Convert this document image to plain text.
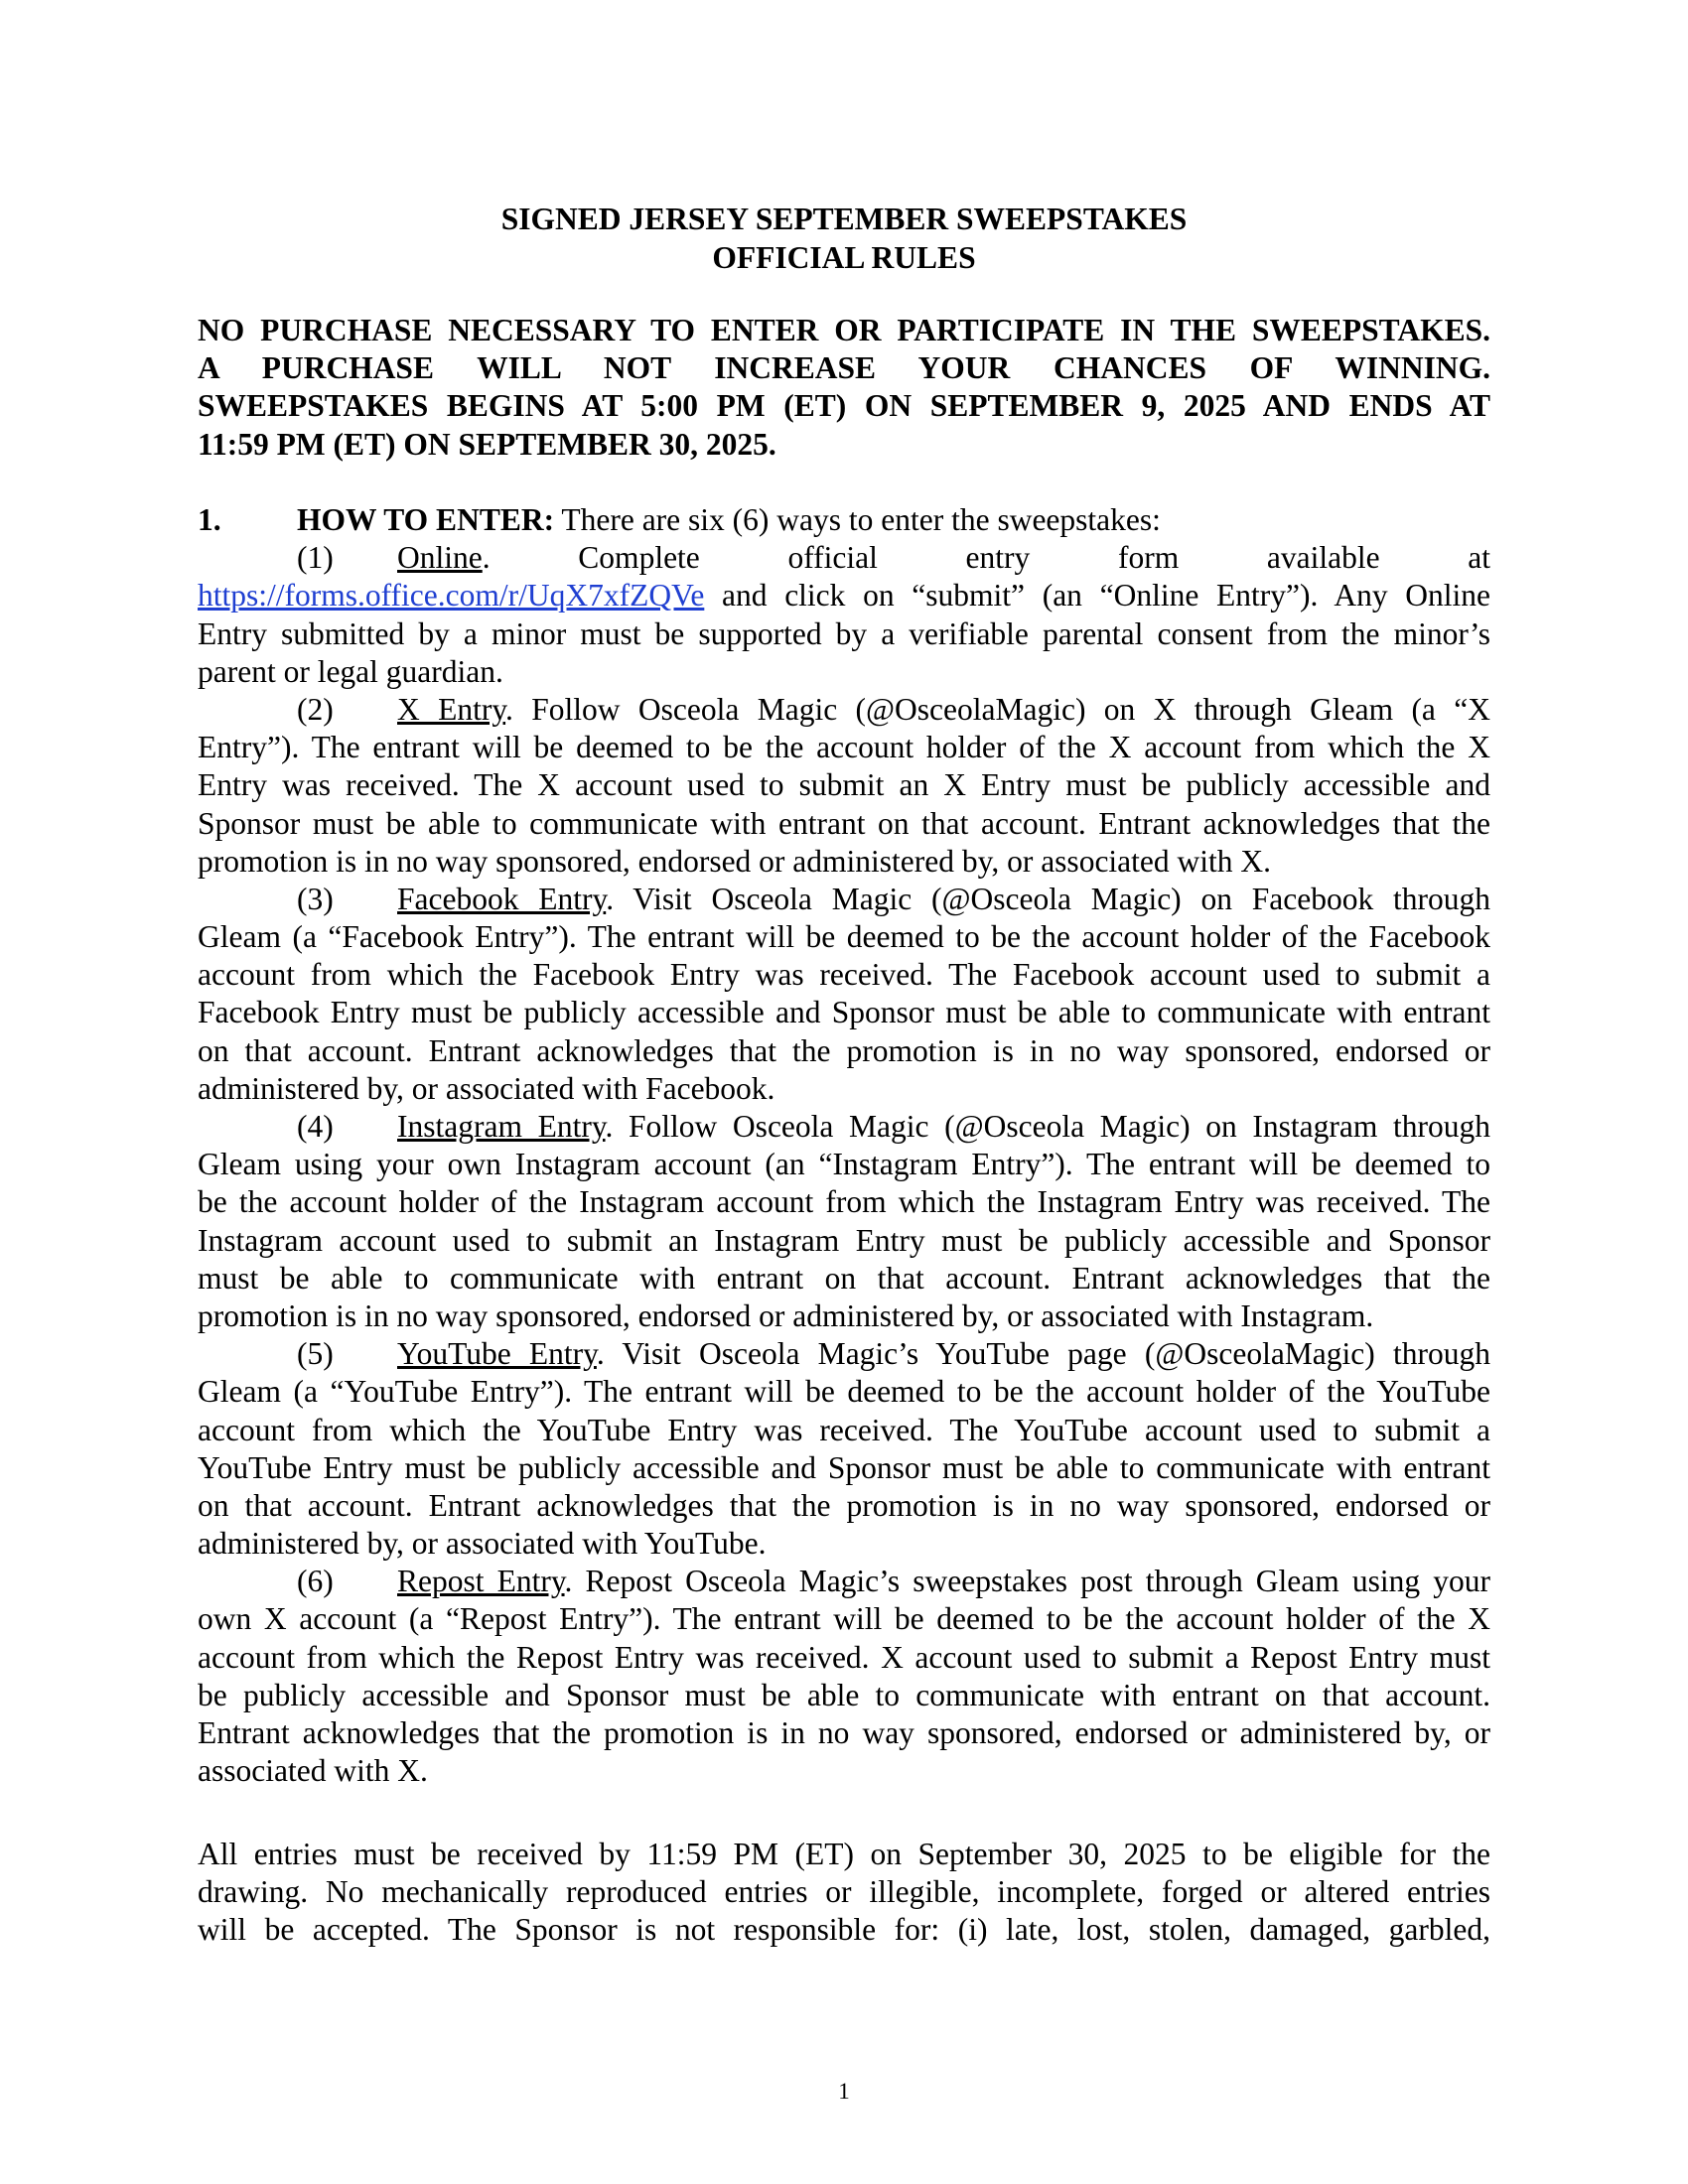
SIGNED JERSEY SEPTEMBER SWEEPSTAKES
OFFICIAL RULES
NO PURCHASE NECESSARY TO ENTER OR PARTICIPATE IN THE SWEEPSTAKES.
A PURCHASE WILL NOT INCREASE YOUR CHANCES OF WINNING.
SWEEPSTAKES BEGINS AT 5:00 PM (ET) ON SEPTEMBER 9, 2025 AND ENDS AT
11:59 PM (ET) ON SEPTEMBER 30, 2025.
1. HOW TO ENTER: There are six (6) ways to enter the sweepstakes:
(1) Online. Complete official entry form available at
https://forms.office.com/r/UqX7xfZQVe and click on “submit” (an “Online Entry”). Any Online
Entry submitted by a minor must be supported by a verifiable parental consent from the minor’s
parent or legal guardian.
(2) X Entry. Follow Osceola Magic (@OsceolaMagic) on X through Gleam (a “X
Entry”). The entrant will be deemed to be the account holder of the X account from which the X
Entry was received. The X account used to submit an X Entry must be publicly accessible and
Sponsor must be able to communicate with entrant on that account. Entrant acknowledges that the
promotion is in no way sponsored, endorsed or administered by, or associated with X.
(3) Facebook Entry. Visit Osceola Magic (@Osceola Magic) on Facebook through
Gleam (a “Facebook Entry”). The entrant will be deemed to be the account holder of the Facebook
account from which the Facebook Entry was received. The Facebook account used to submit a
Facebook Entry must be publicly accessible and Sponsor must be able to communicate with entrant
on that account. Entrant acknowledges that the promotion is in no way sponsored, endorsed or
administered by, or associated with Facebook.
(4) Instagram Entry. Follow Osceola Magic (@Osceola Magic) on Instagram through
Gleam using your own Instagram account (an “Instagram Entry”). The entrant will be deemed to
be the account holder of the Instagram account from which the Instagram Entry was received. The
Instagram account used to submit an Instagram Entry must be publicly accessible and Sponsor
must be able to communicate with entrant on that account. Entrant acknowledges that the
promotion is in no way sponsored, endorsed or administered by, or associated with Instagram.
(5) YouTube Entry. Visit Osceola Magic’s YouTube page (@OsceolaMagic) through
Gleam (a “YouTube Entry”). The entrant will be deemed to be the account holder of the YouTube
account from which the YouTube Entry was received. The YouTube account used to submit a
YouTube Entry must be publicly accessible and Sponsor must be able to communicate with entrant
on that account. Entrant acknowledges that the promotion is in no way sponsored, endorsed or
administered by, or associated with YouTube.
(6) Repost Entry. Repost Osceola Magic’s sweepstakes post through Gleam using your
own X account (a “Repost Entry”). The entrant will be deemed to be the account holder of the X
account from which the Repost Entry was received. X account used to submit a Repost Entry must
be publicly accessible and Sponsor must be able to communicate with entrant on that account.
Entrant acknowledges that the promotion is in no way sponsored, endorsed or administered by, or
associated with X.
All entries must be received by 11:59 PM (ET) on September 30, 2025 to be eligible for the
drawing. No mechanically reproduced entries or illegible, incomplete, forged or altered entries
will be accepted. The Sponsor is not responsible for: (i) late, lost, stolen, damaged, garbled,
1
